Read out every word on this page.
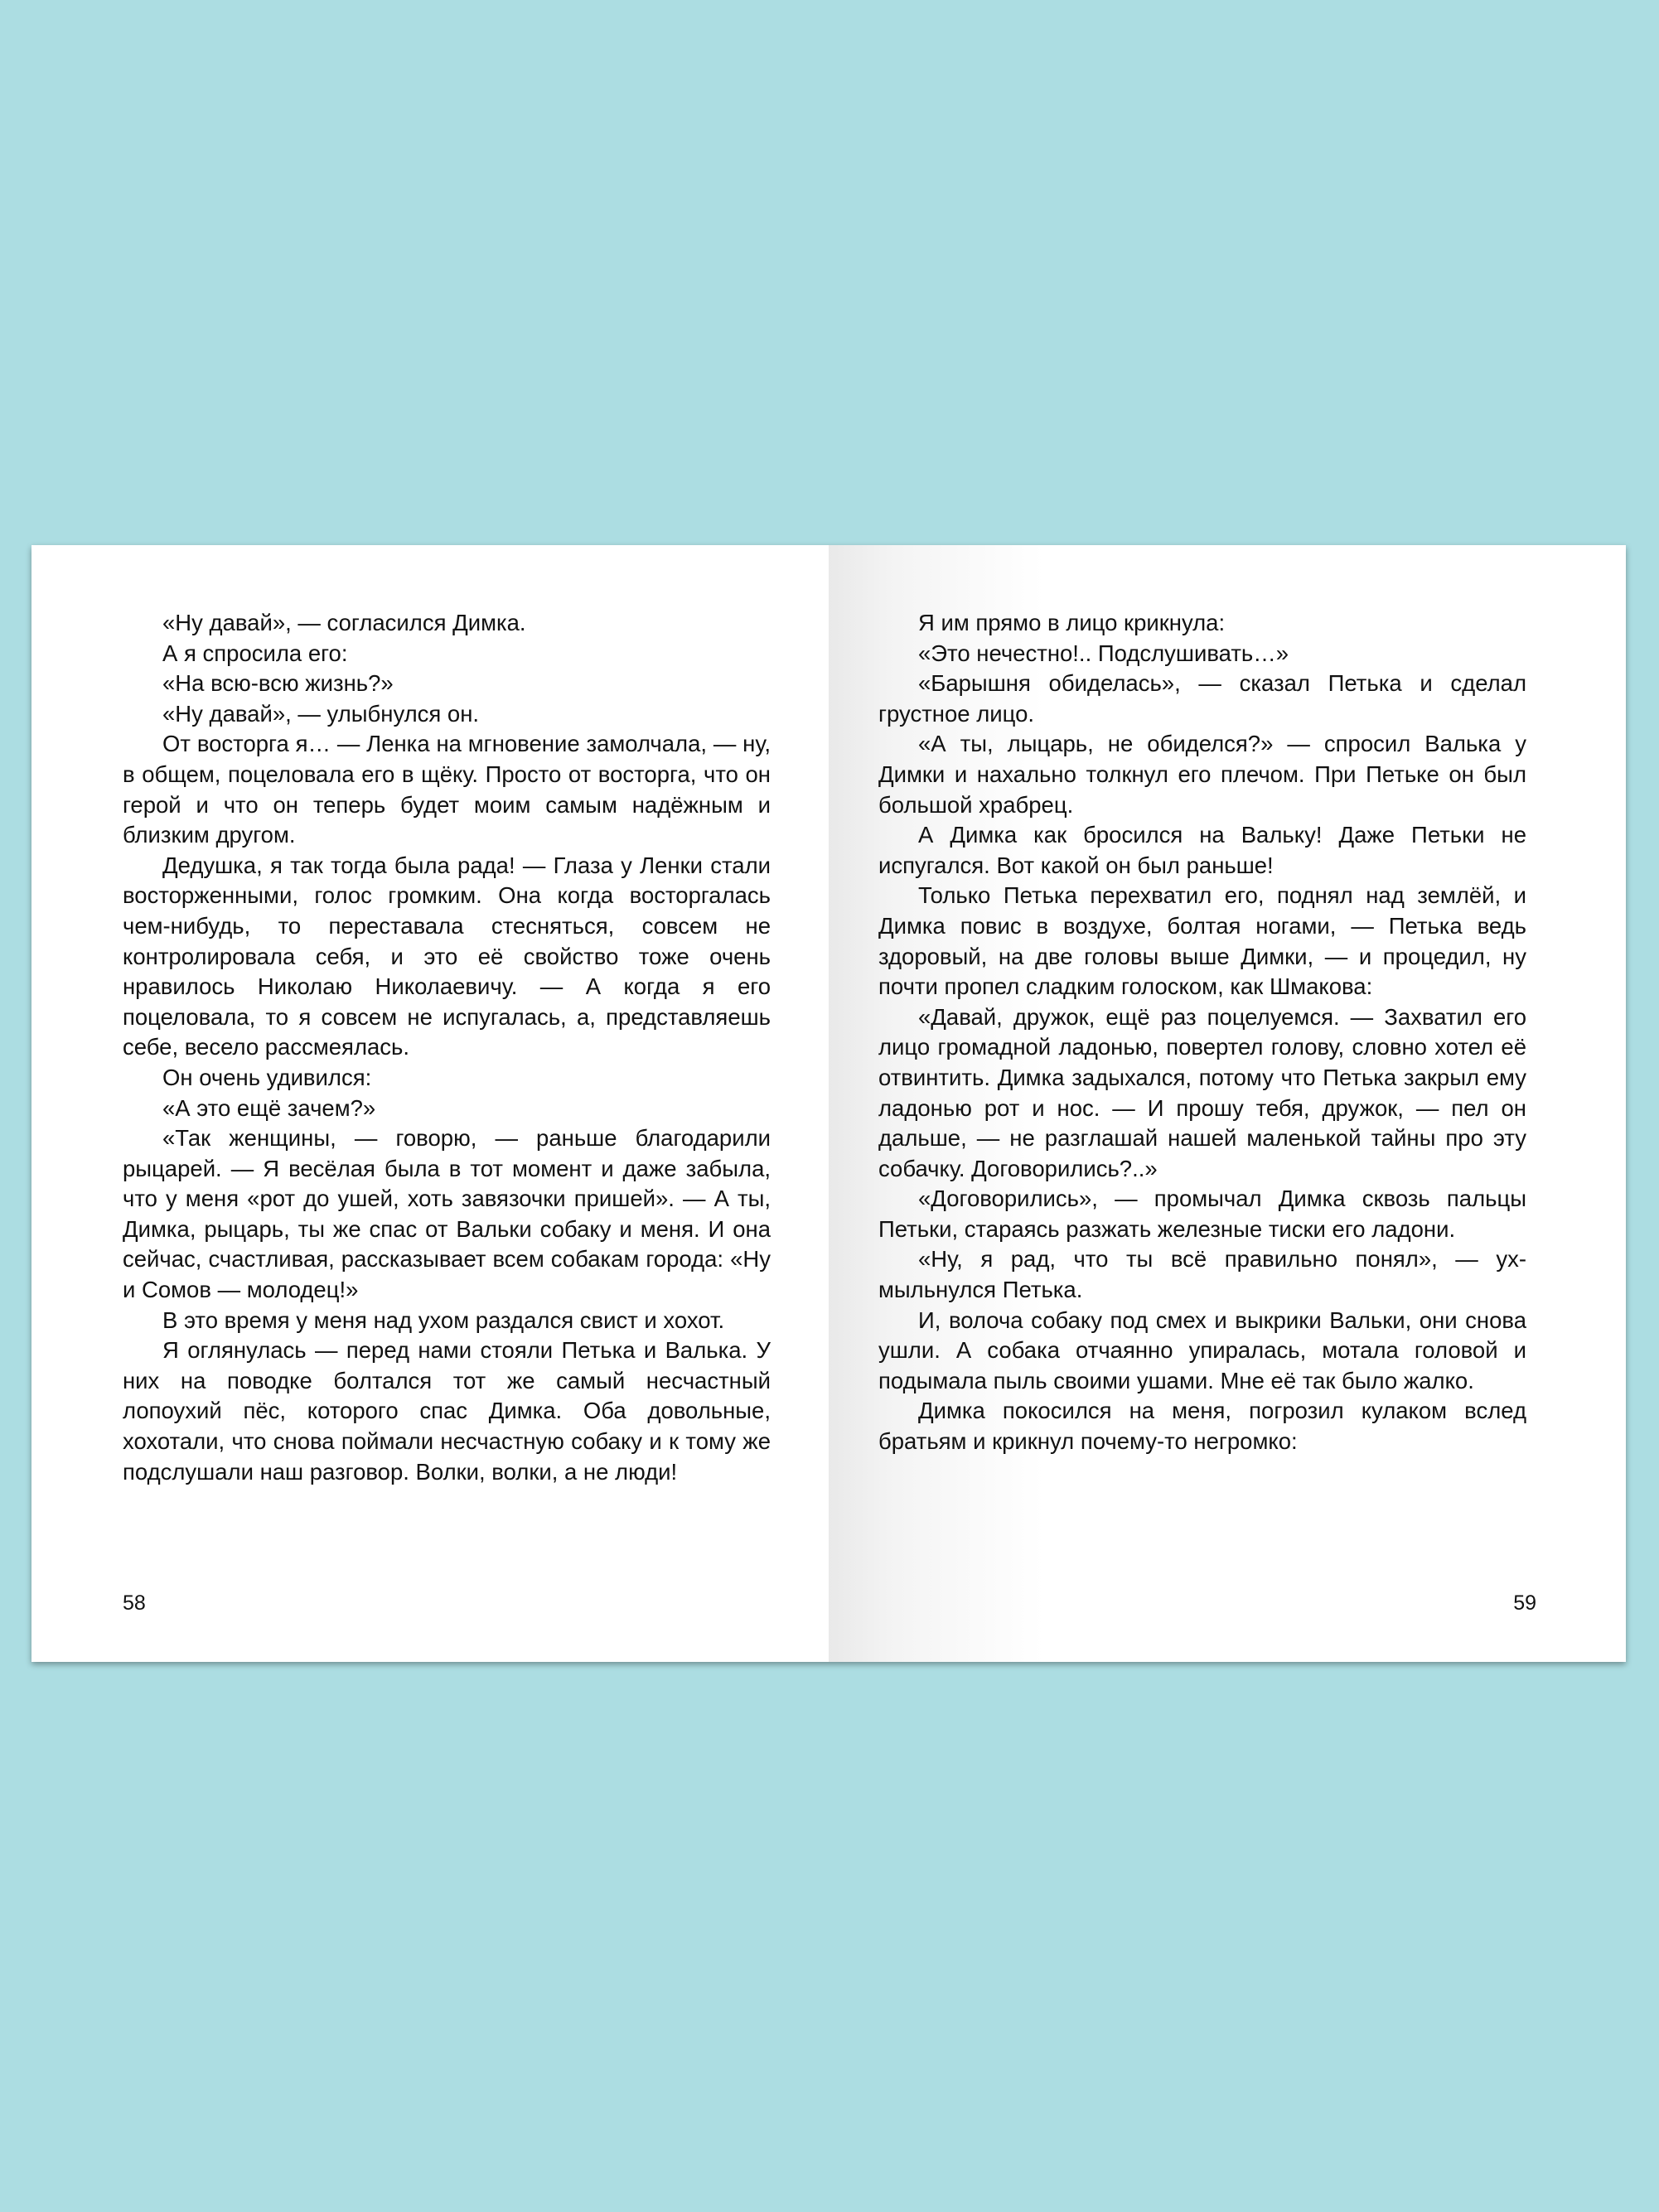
«Ну давай», — согласился Димка.

А я спросила его:

«На всю-всю жизнь?»

«Ну давай», — улыбнулся он.

От восторга я… — Ленка на мгновение замолчала, — ну, в общем, поцеловала его в щёку. Просто от восторга, что он герой и что он теперь будет моим самым надёжным и близким другом.

Дедушка, я так тогда была рада! — Глаза у Ленки стали восторженными, голос громким. Она когда восторгалась чем-нибудь, то переставала стесняться, совсем не контролировала себя, и это её свойство тоже очень нравилось Николаю Николаевичу. — А когда я его поцеловала, то я совсем не испугалась, а, представляешь себе, весело рассмеялась.

Он очень удивился:

«А это ещё зачем?»

«Так женщины, — говорю, — раньше благодарили рыцарей. — Я весёлая была в тот момент и даже забыла, что у меня «рот до ушей, хоть завязочки пришей». — А ты, Димка, рыцарь, ты же спас от Вальки собаку и меня. И она сейчас, счастливая, рассказывает всем собакам города: «Ну и Сомов — молодец!»

В это время у меня над ухом раздался свист и хохот.

Я оглянулась — перед нами стояли Петька и Валька. У них на поводке болтался тот же самый несчастный лопоухий пёс, которого спас Димка. Оба довольные, хохотали, что снова поймали несчастную собаку и к тому же подслушали наш разговор. Волки, волки, а не люди!

58

Я им прямо в лицо крикнула:

«Это нечестно!.. Подслушивать…»

«Барышня обиделась», — сказал Петька и сделал грустное лицо.

«А ты, лыцарь, не обиделся?» — спросил Валька у Димки и нахально толкнул его плечом. При Петьке он был большой храбрец.

А Димка как бросился на Вальку! Даже Петьки не испугался. Вот какой он был раньше!

Только Петька перехватил его, поднял над землёй, и Димка повис в воздухе, болтая ногами, — Петька ведь здоровый, на две головы выше Димки, — и процедил, ну почти пропел сладким голоском, как Шмакова:

«Давай, дружок, ещё раз поцелуемся. — Захватил его лицо громадной ладонью, повертел голову, словно хотел её отвинтить. Димка задыхался, потому что Петька закрыл ему ладонью рот и нос. — И прошу тебя, дружок, — пел он дальше, — не разглашай нашей маленькой тайны про эту собачку. Договорились?..»

«Договорились», — промычал Димка сквозь пальцы Петьки, стараясь разжать железные тиски его ладони.

«Ну, я рад, что ты всё правильно понял», — ухмыльнулся Петька.

И, волоча собаку под смех и выкрики Вальки, они снова ушли. А собака отчаянно упиралась, мотала головой и подымала пыль своими ушами. Мне её так было жалко.

Димка покосился на меня, погрозил кулаком вслед братьям и крикнул почему-то негромко:

59
